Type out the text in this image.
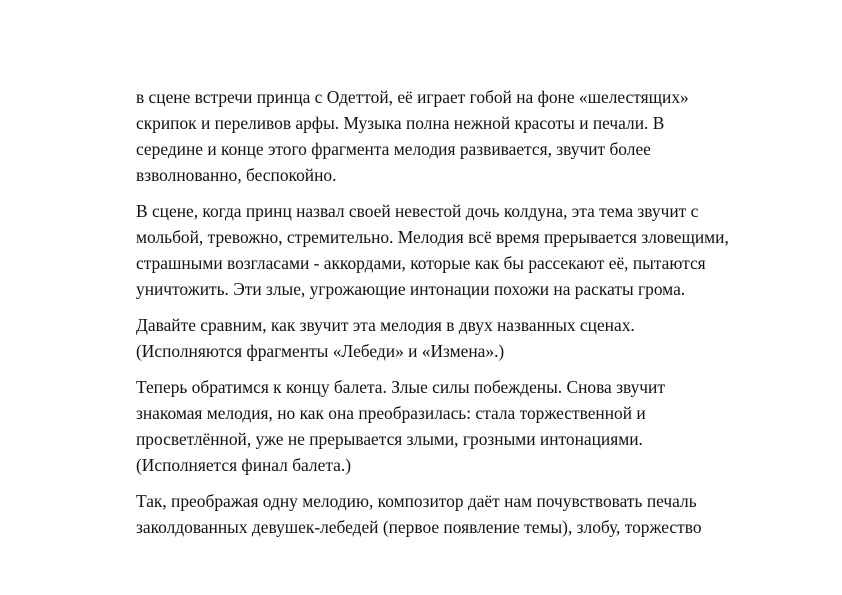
в сцене встречи принца с Одеттой, её играет гобой на фоне «шелестящих»
скрипок и переливов арфы. Музыка полна нежной красоты и печали. В
середине и конце этого фрагмента мелодия развивается, звучит более
взволнованно, беспокойно.

В сцене, когда принц назвал своей невестой дочь колдуна, эта тема звучит с
мольбой, тревожно, стремительно. Мелодия всё время прерывается зловещими,
страшными возгласами - аккордами, которые как бы рассекают её, пытаются
уничтожить. Эти злые, угрожающие интонации похожи на раскаты грома.

Давайте сравним, как звучит эта мелодия в двух названных сценах.
(Исполняются фрагменты «Лебеди» и «Измена».)

Теперь обратимся к концу балета. Злые силы побеждены. Снова звучит
знакомая мелодия, но как она преобразилась: стала торжественной и
просветлённой, уже не прерывается злыми, грозными интонациями.
(Исполняется финал балета.)

Так, преображая одну мелодию, композитор даёт нам почувствовать печаль
заколдованных девушек-лебедей (первое появление темы), злобу, торжество
